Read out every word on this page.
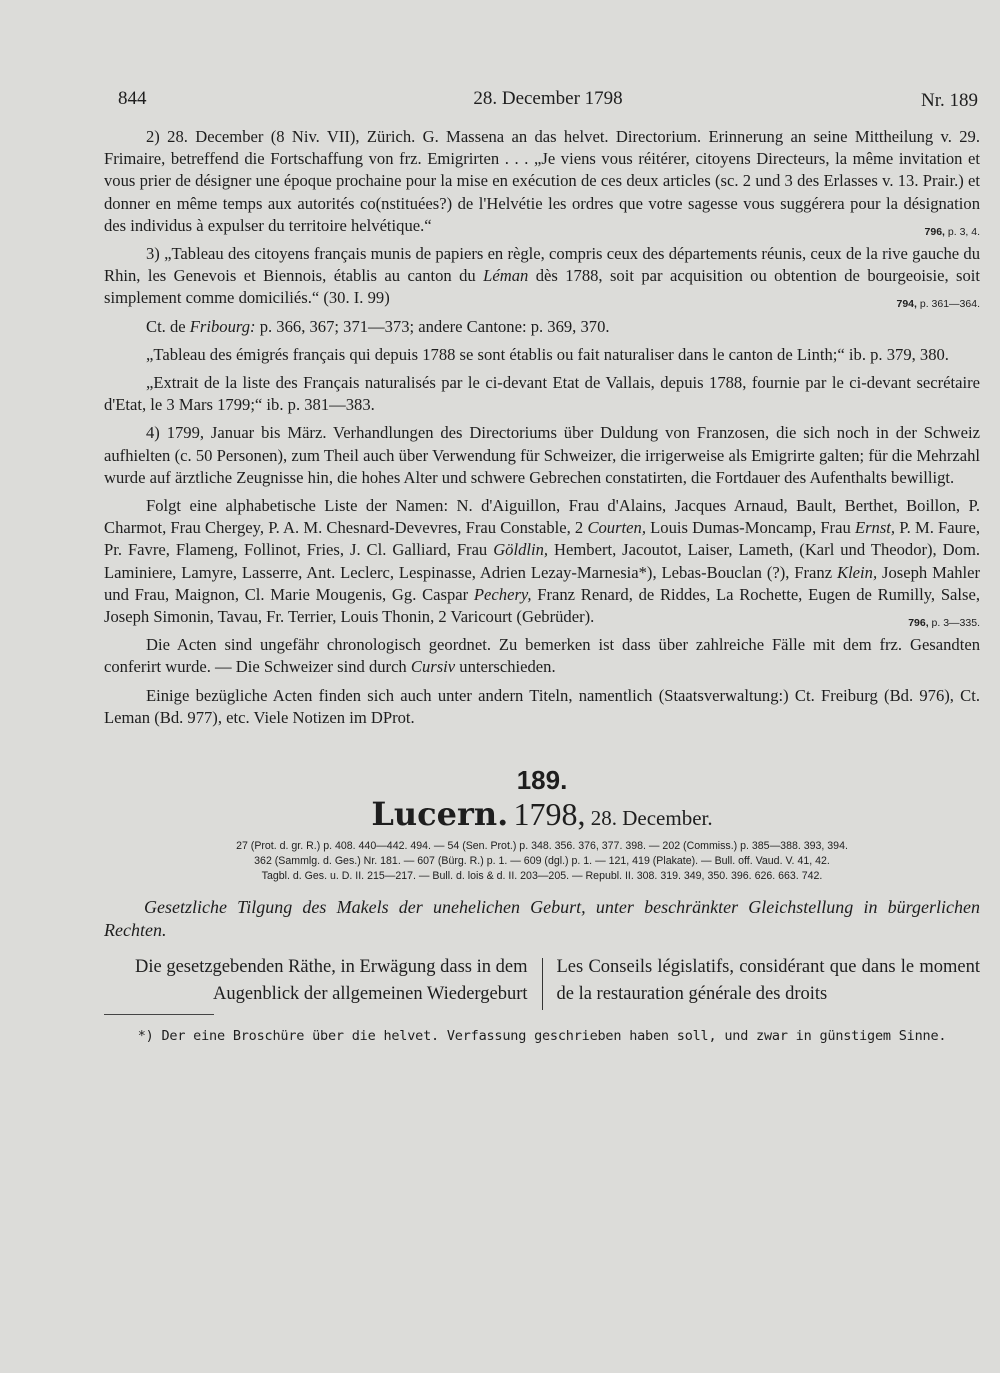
844	28. December 1798	Nr. 189

2) 28. December (8 Niv. VII), Zürich. G. Massena an das helvet. Directorium. Erinnerung an seine Mittheilung v. 29. Frimaire, betreffend die Fortschaffung von frz. Emigrirten . . . „Je viens vous réitérer, citoyens Directeurs, la même invitation et vous prier de désigner une époque prochaine pour la mise en exécution de ces deux articles (sc. 2 und 3 des Erlasses v. 13. Prair.) et donner en même temps aux autorités co(nstituées?) de l'Helvétie les ordres que votre sagesse vous suggérera pour la désignation des individus à expulser du territoire helvétique.“	796, p. 3, 4.

3) „Tableau des citoyens français munis de papiers en règle, compris ceux des départements réunis, ceux de la rive gauche du Rhin, les Genevois et Biennois, établis au canton du Léman dès 1788, soit par acquisition ou obtention de bourgeoisie, soit simplement comme domiciliés.“ (30. I. 99)	794, p. 361—364.

Ct. de Fribourg: p. 366, 367; 371—373; andere Cantone: p. 369, 370.

„Tableau des émigrés français qui depuis 1788 se sont établis ou fait naturaliser dans le canton de Linth;“ ib. p. 379, 380.

„Extrait de la liste des Français naturalisés par le ci-devant Etat de Vallais, depuis 1788, fournie par le ci-devant secrétaire d'Etat, le 3 Mars 1799;“ ib. p. 381—383.

4) 1799, Januar bis März. Verhandlungen des Directoriums über Duldung von Franzosen, die sich noch in der Schweiz aufhielten (c. 50 Personen), zum Theil auch über Verwendung für Schweizer, die irrigerweise als Emigrirte galten; für die Mehrzahl wurde auf ärztliche Zeugnisse hin, die hohes Alter und schwere Gebrechen constatirten, die Fortdauer des Aufenthalts bewilligt.

Folgt eine alphabetische Liste der Namen: N. d'Aiguillon, Frau d'Alains, Jacques Arnaud, Bault, Berthet, Boillon, P. Charmot, Frau Chergey, P. A. M. Chesnard-Devevres, Frau Constable, 2 Courten, Louis Dumas-Moncamp, Frau Ernst, P. M. Faure, Pr. Favre, Flameng, Follinot, Fries, J. Cl. Galliard, Frau Göldlin, Hembert, Jacoutot, Laiser, Lameth, (Karl und Theodor), Dom. Laminiere, Lamyre, Lasserre, Ant. Leclerc, Lespinasse, Adrien Lezay-Marnesia*), Lebas-Bouclan (?), Franz Klein, Joseph Mahler und Frau, Maignon, Cl. Marie Mougenis, Gg. Caspar Pechery, Franz Renard, de Riddes, La Rochette, Eugen de Rumilly, Salse, Joseph Simonin, Tavau, Fr. Terrier, Louis Thonin, 2 Varicourt (Gebrüder).	796, p. 3—335.

Die Acten sind ungefähr chronologisch geordnet. Zu bemerken ist dass über zahlreiche Fälle mit dem frz. Gesandten conferirt wurde. — Die Schweizer sind durch Cursiv unterschieden.

Einige bezügliche Acten finden sich auch unter andern Titeln, namentlich (Staatsverwaltung:) Ct. Freiburg (Bd. 976), Ct. Leman (Bd. 977), etc. Viele Notizen im DProt.

189.
Lucern. 1798, 28. December.
27 (Prot. d. gr. R.) p. 408. 440—442. 494. — 54 (Sen. Prot.) p. 348. 356. 376, 377. 398. — 202 (Commiss.) p. 385—388. 393, 394.
362 (Sammlg. d. Ges.) Nr. 181. — 607 (Bürg. R.) p. 1. — 609 (dgl.) p. 1. — 121, 419 (Plakate). — Bull. off. Vaud. V. 41, 42.
Tagbl. d. Ges. u. D. II. 215—217. — Bull. d. lois & d. II. 203—205. — Republ. II. 308. 319. 349, 350. 396. 626. 663. 742.
Gesetzliche Tilgung des Makels der unehelichen Geburt, unter beschränkter Gleichstellung in bürgerlichen Rechten.
Die gesetzgebenden Räthe, in Erwägung dass in dem Augenblick der allgemeinen Wiedergeburt
Les Conseils législatifs, considérant que dans le moment de la restauration générale des droits
*) Der eine Broschüre über die helvet. Verfassung geschrieben haben soll, und zwar in günstigem Sinne.
